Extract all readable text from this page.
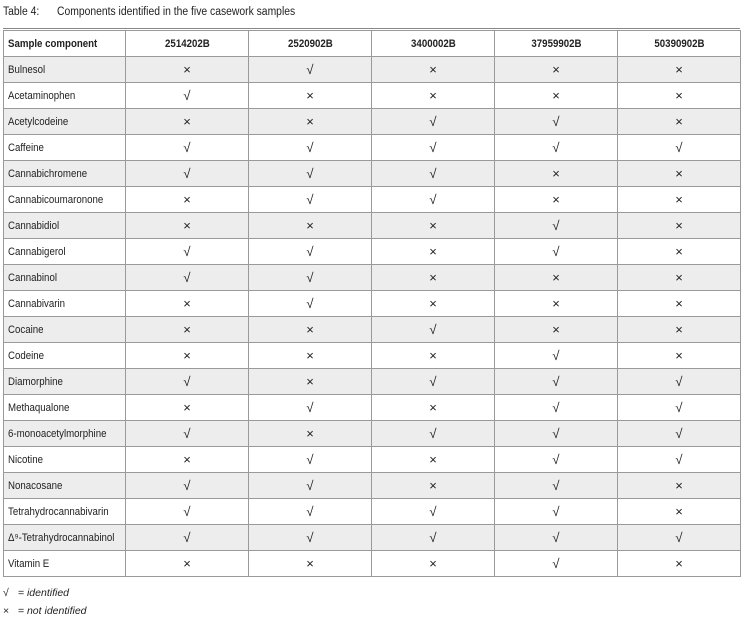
Table 4: Components identified in the five casework samples
Sample component	2514202B	2520902B	3400002B	37959902B	50390902B
Bulnesol	×	√	×	×	×
Acetaminophen	√	×	×	×	×
Acetylcodeine	×	×	√	√	×
Caffeine	√	√	√	√	√
Cannabichromene	√	√	√	×	×
Cannabicoumaronone	×	√	√	×	×
Cannabidiol	×	×	×	√	×
Cannabigerol	√	√	×	√	×
Cannabinol	√	√	×	×	×
Cannabivarin	×	√	×	×	×
Cocaine	×	×	√	×	×
Codeine	×	×	×	√	×
Diamorphine	√	×	√	√	√
Methaqualone	×	√	×	√	√
6-monoacetylmorphine	√	×	√	√	√
Nicotine	×	√	×	√	√
Nonacosane	√	√	×	√	×
Tetrahydrocannabivarin	√	√	√	√	×
Δ⁹-Tetrahydrocannabinol	√	√	√	√	√
Vitamin E	×	×	×	√	×
√ = identified
× = not identified
